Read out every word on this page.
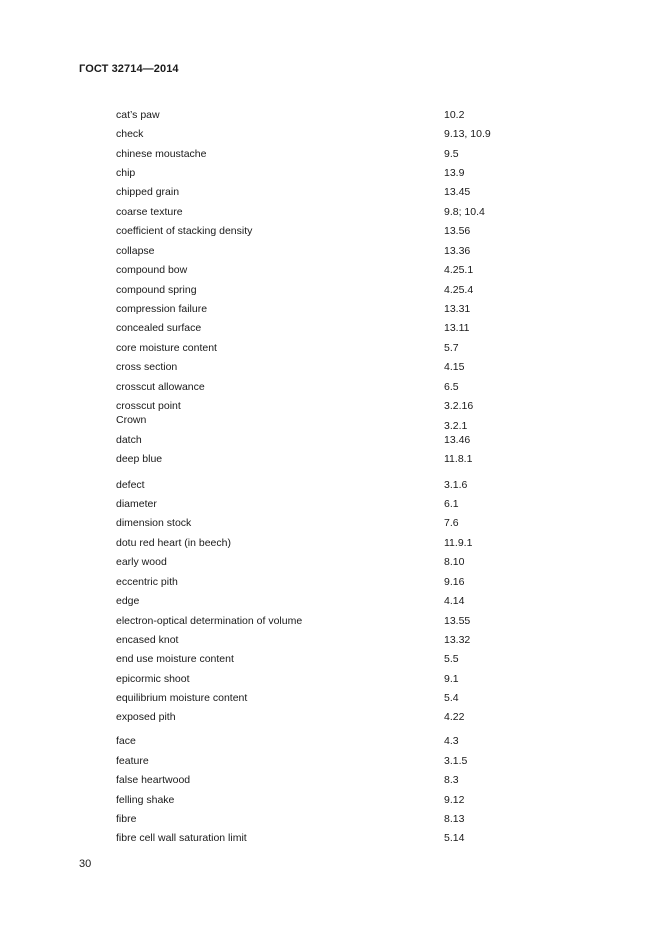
ГОСТ 32714—2014
cat’s paw	10.2
check	9.13, 10.9
chinese moustache	9.5
chip	13.9
chipped grain	13.45
coarse texture	9.8; 10.4
coefficient of stacking density	13.56
collapse	13.36
compound bow	4.25.1
compound spring	4.25.4
compression failure	13.31
concealed surface	13.11
core moisture content	5.7
cross section	4.15
crosscut allowance	6.5
crosscut point	3.2.16
Crown	3.2.1
datch	13.46
deep blue	11.8.1
defect	3.1.6
diameter	6.1
dimension stock	7.6
dotu red heart (in beech)	11.9.1
early wood	8.10
eccentric pith	9.16
edge	4.14
electron-optical determination of volume	13.55
encased knot	13.32
end use moisture content	5.5
epicormic shoot	9.1
equilibrium moisture content	5.4
exposed pith	4.22
face	4.3
feature	3.1.5
false heartwood	8.3
felling shake	9.12
fibre	8.13
fibre cell wall saturation limit	5.14
30
